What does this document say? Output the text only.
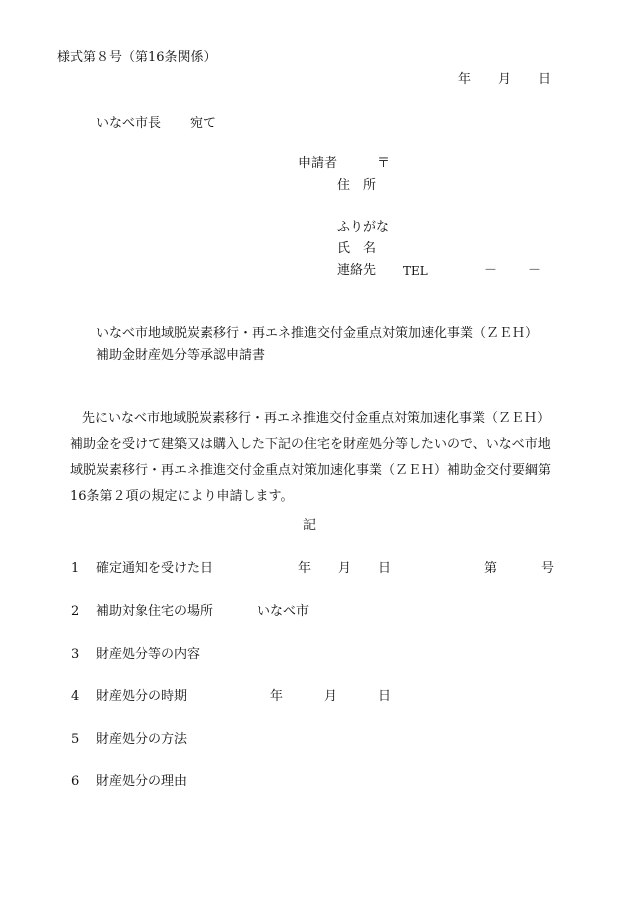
様式第８号（第16条関係）
年 月 日
いなべ市長 宛て
申請者	〒
住　所
ふりがな
氏　名
連絡先 TEL	－ －
いなべ市地域脱炭素移行・再エネ推進交付金重点対策加速化事業（ＺＥＨ）
補助金財産処分等承認申請書
先にいなべ市地域脱炭素移行・再エネ推進交付金重点対策加速化事業（ＺＥＨ）
補助金を受けて建築又は購入した下記の住宅を財産処分等したいので、いなべ市地
域脱炭素移行・再エネ推進交付金重点対策加速化事業（ＺＥＨ）補助金交付要綱第
16条第２項の規定により申請します。
記
1 確定通知を受けた日	年 月 日	第	号
2 補助対象住宅の場所	いなべ市
3 財産処分等の内容
4 財産処分の時期	年	月	日
5 財産処分の方法
6 財産処分の理由
